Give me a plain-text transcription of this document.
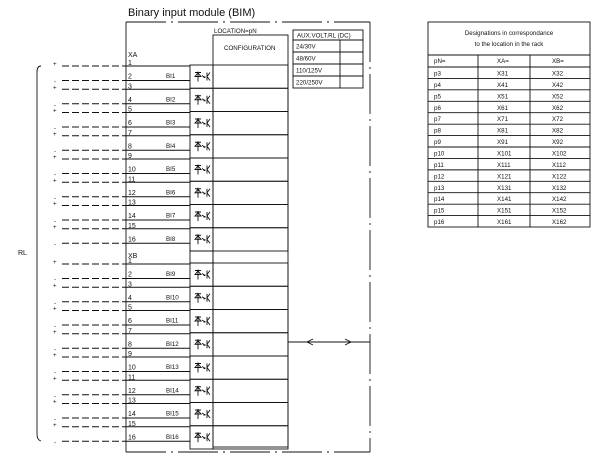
Binary input module (BIM)
LOCATION=pN
CONFIGURATION
AUX.VOLT.RL (DC)
24/30V
48/60V
110/125V
220/250V
RL
XA
1
2	BI1
+
-
3
4	BI2
+
-
5
6	BI3
+
-
7
8	BI4
+
-
9
10	BI5
+
-
11
12	BI6
+
-
13
14	BI7
+
-
15
16	BI8
+
-
XB
1
2	BI9
+
-
3
4	BI10
+
-
5
6	BI11
+
-
7
8	BI12
+
-
9
10	BI13
+
-
11
12	BI14
+
-
13
14	BI15
+
-
15
16	BI16
+
-
Designations in correspondance
to the location in the rack
pN=	XA=	XB=
p3	X31	X32
p4	X41	X42
p5	X51	X52
p6	X61	X62
p7	X71	X72
p8	X81	X82
p9	X91	X92
p10	X101	X102
p11	X111	X112
p12	X121	X122
p13	X131	X132
p14	X141	X142
p15	X151	X152
p16	X161	X162
